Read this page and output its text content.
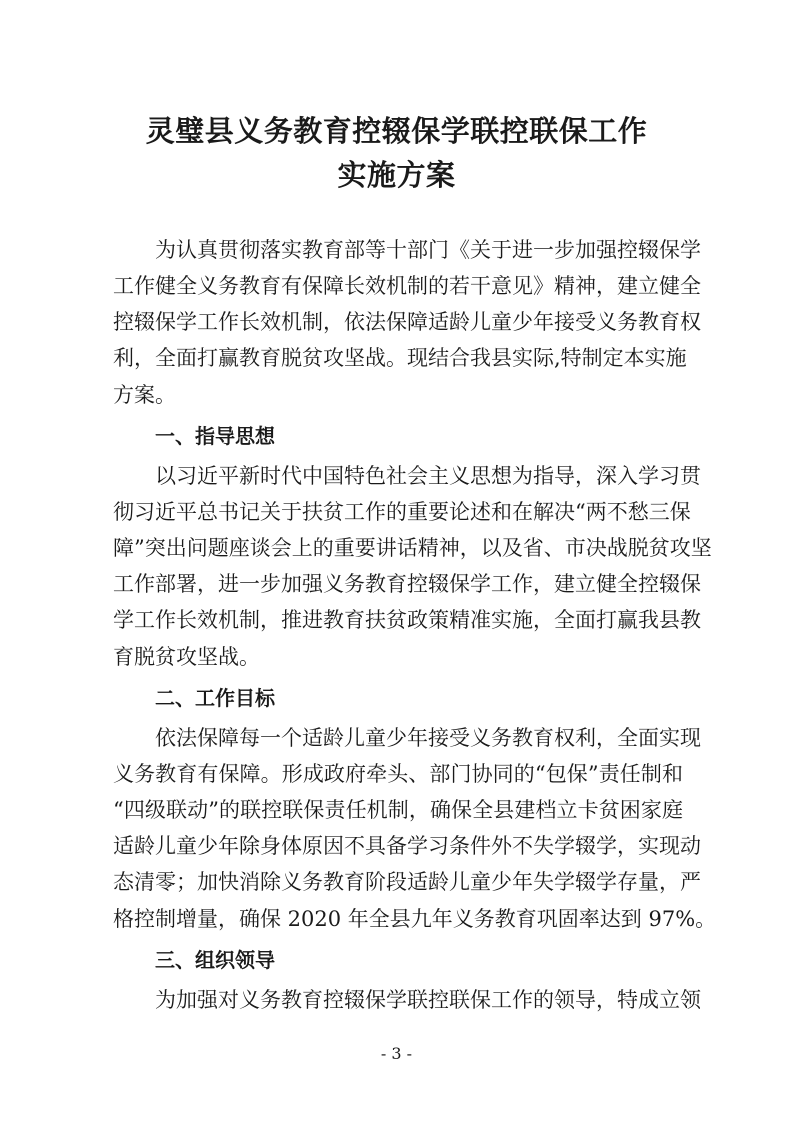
灵璧县义务教育控辍保学联控联保工作
实施方案
为认真贯彻落实教育部等十部门《关于进一步加强控辍保学
工作健全义务教育有保障长效机制的若干意见》精神，建立健全
控辍保学工作长效机制，依法保障适龄儿童少年接受义务教育权
利，全面打赢教育脱贫攻坚战。现结合我县实际,特制定本实施
方案。
一、指导思想
以习近平新时代中国特色社会主义思想为指导，深入学习贯
彻习近平总书记关于扶贫工作的重要论述和在解决“两不愁三保
障”突出问题座谈会上的重要讲话精神，以及省、市决战脱贫攻坚
工作部署，进一步加强义务教育控辍保学工作，建立健全控辍保
学工作长效机制，推进教育扶贫政策精准实施，全面打赢我县教
育脱贫攻坚战。
二、工作目标
依法保障每一个适龄儿童少年接受义务教育权利，全面实现
义务教育有保障。形成政府牵头、部门协同的“包保”责任制和
“四级联动”的联控联保责任机制，确保全县建档立卡贫困家庭
适龄儿童少年除身体原因不具备学习条件外不失学辍学，实现动
态清零；加快消除义务教育阶段适龄儿童少年失学辍学存量，严
格控制增量，确保 2020 年全县九年义务教育巩固率达到 97%。
三、组织领导
为加强对义务教育控辍保学联控联保工作的领导，特成立领
- 3 -
